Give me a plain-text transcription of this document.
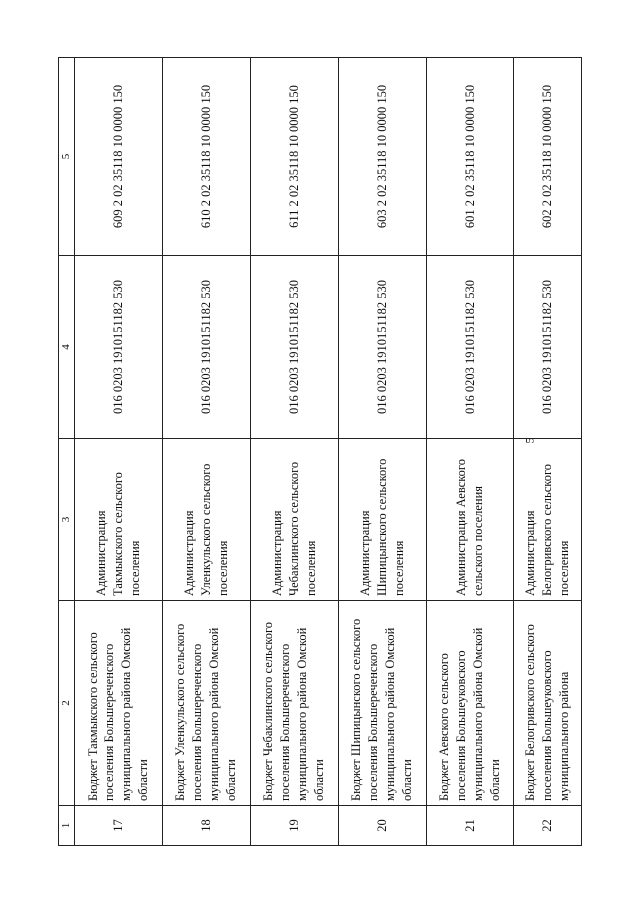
5
1	2	3	4	5
17	Бюджет Такмыкского сельского поселения Большереченского муниципального района Омской области	Администрация Такмыкского сельского поселения	016 0203 1910151182 530	609 2 02 35118 10 0000 150
18	Бюджет Уленкульского сельского поселения Большереченского муниципального района Омской области	Администрация Уленкульского сельского поселения	016 0203 1910151182 530	610 2 02 35118 10 0000 150
19	Бюджет Чебаклинского сельского поселения Большереченского муниципального района Омской области	Администрация Чебаклинского сельского поселения	016 0203 1910151182 530	611 2 02 35118 10 0000 150
20	Бюджет Шипицынского сельского поселения Большереченского муниципального района Омской области	Администрация Шипицынского сельского поселения	016 0203 1910151182 530	603 2 02 35118 10 0000 150
21	Бюджет Аевского сельского поселения Большеуковского муниципального района Омской области	Администрация Аевского сельского поселения	016 0203 1910151182 530	601 2 02 35118 10 0000 150
22	Бюджет Белогривского сельского поселения Большеуковского муниципального района	Администрация Белогривского сельского поселения	016 0203 1910151182 530	602 2 02 35118 10 0000 150
